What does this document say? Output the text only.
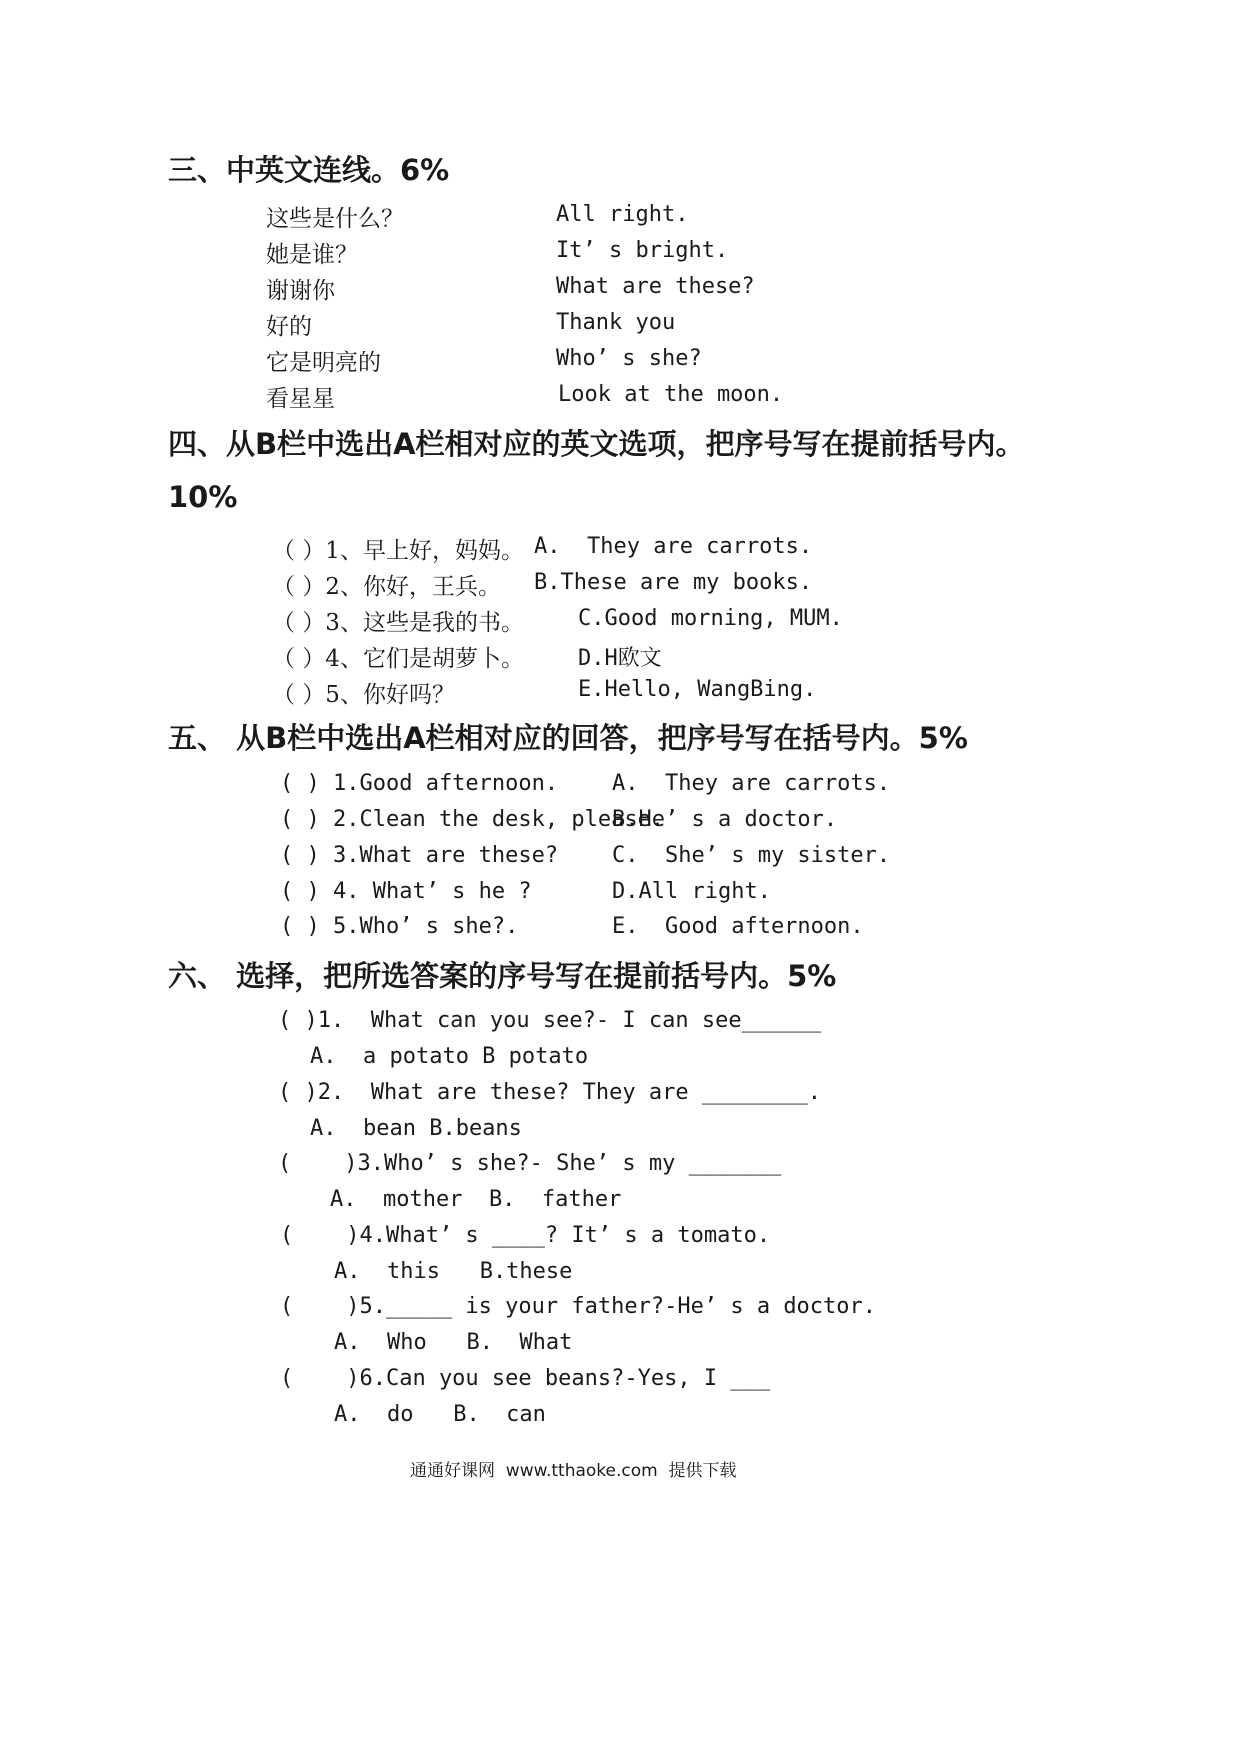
三、中英文连线。6%
这些是什么？
她是谁？
谢谢你
好的
它是明亮的
看星星
All right.
It’ s bright.
What are these?
Thank you
Who’ s she?
Look at the moon.
四、从B栏中选出A栏相对应的英文选项，把序号写在提前括号内。
10%
（ ）1、早上好，妈妈。
（ ）2、你好，王兵。
（ ）3、这些是我的书。
（ ）4、它们是胡萝卜。
（ ）5、你好吗？
A.  They are carrots.
B.These are my books.
C.Good morning, MUM.
D.H欧文
E.Hello, WangBing.
五、 从B栏中选出A栏相对应的回答，把序号写在括号内。5%
( ) 1.Good afternoon.
( ) 2.Clean the desk, please.
( ) 3.What are these?
( ) 4. What’ s he ?
( ) 5.Who’ s she?.
A.  They are carrots.
B.He’ s a doctor.
C.  She’ s my sister.
D.All right.
E.  Good afternoon.
六、 选择，把所选答案的序号写在提前括号内。5%
( )1.  What can you see?- I can see______
A.  a potato B potato
( )2.  What are these? They are ________.
A.  bean B.beans
(    )3.Who’ s she?- She’ s my _______
A.  mother  B.  father
(    )4.What’ s ____? It’ s a tomato.
A.  this   B.these
(    )5._____ is your father?-He’ s a doctor.
A.  Who   B.  What
(    )6.Can you see beans?-Yes, I ___
A.  do   B.  can
通通好课网  www.tthaoke.com  提供下载
